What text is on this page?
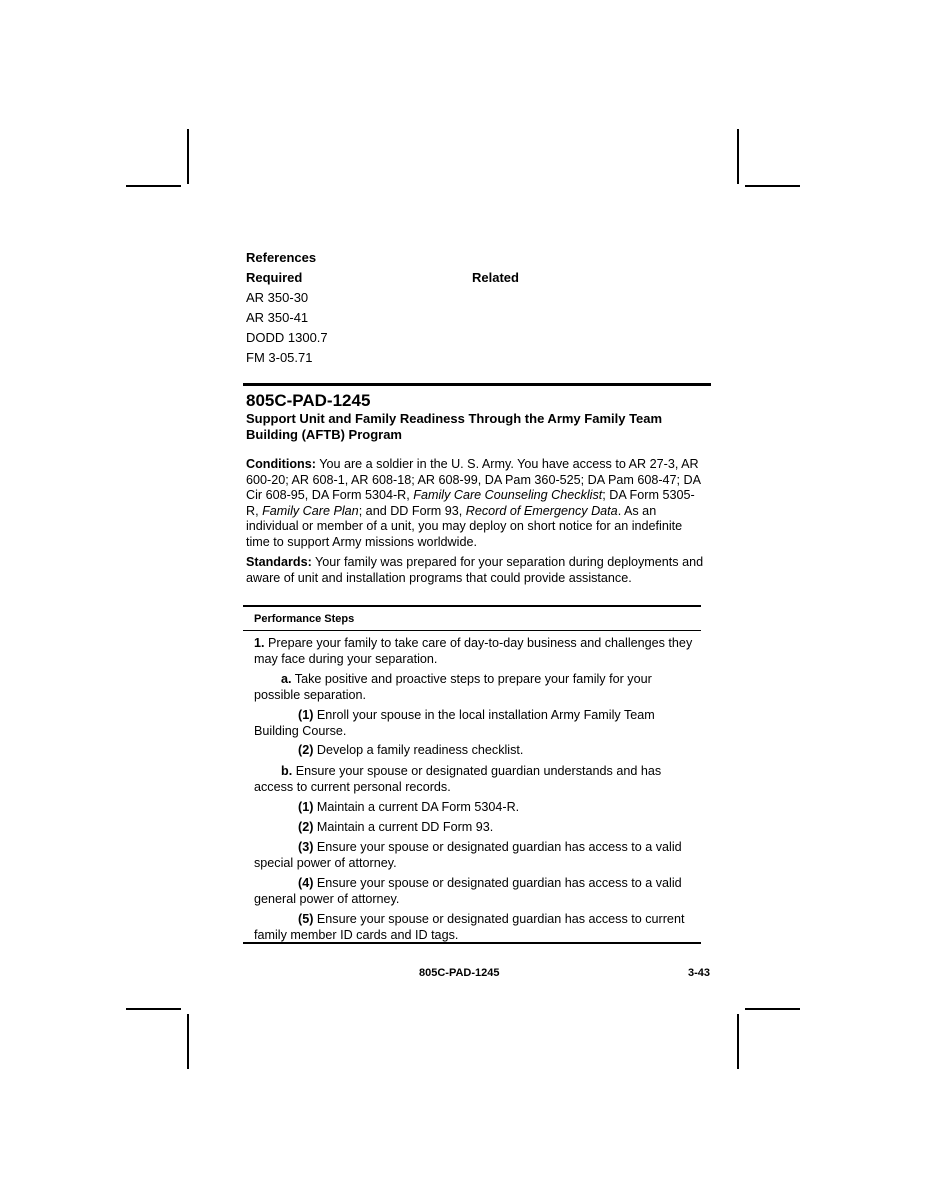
References
Required	Related
AR 350-30
AR 350-41
DODD 1300.7
FM 3-05.71
805C-PAD-1245
Support Unit and Family Readiness Through the Army Family Team Building (AFTB) Program
Conditions: You are a soldier in the U. S. Army. You have access to AR 27-3, AR 600-20; AR 608-1, AR 608-18; AR 608-99, DA Pam 360-525; DA Pam 608-47; DA Cir 608-95, DA Form 5304-R, Family Care Counseling Checklist; DA Form 5305-R, Family Care Plan; and DD Form 93, Record of Emergency Data. As an individual or member of a unit, you may deploy on short notice for an indefinite time to support Army missions worldwide.
Standards: Your family was prepared for your separation during deployments and aware of unit and installation programs that could provide assistance.
Performance Steps
1. Prepare your family to take care of day-to-day business and challenges they may face during your separation.
a. Take positive and proactive steps to prepare your family for your possible separation.
(1) Enroll your spouse in the local installation Army Family Team Building Course.
(2) Develop a family readiness checklist.
b. Ensure your spouse or designated guardian understands and has access to current personal records.
(1) Maintain a current DA Form 5304-R.
(2) Maintain a current DD Form 93.
(3) Ensure your spouse or designated guardian has access to a valid special power of attorney.
(4) Ensure your spouse or designated guardian has access to a valid general power of attorney.
(5) Ensure your spouse or designated guardian has access to current family member ID cards and ID tags.
805C-PAD-1245	3-43
